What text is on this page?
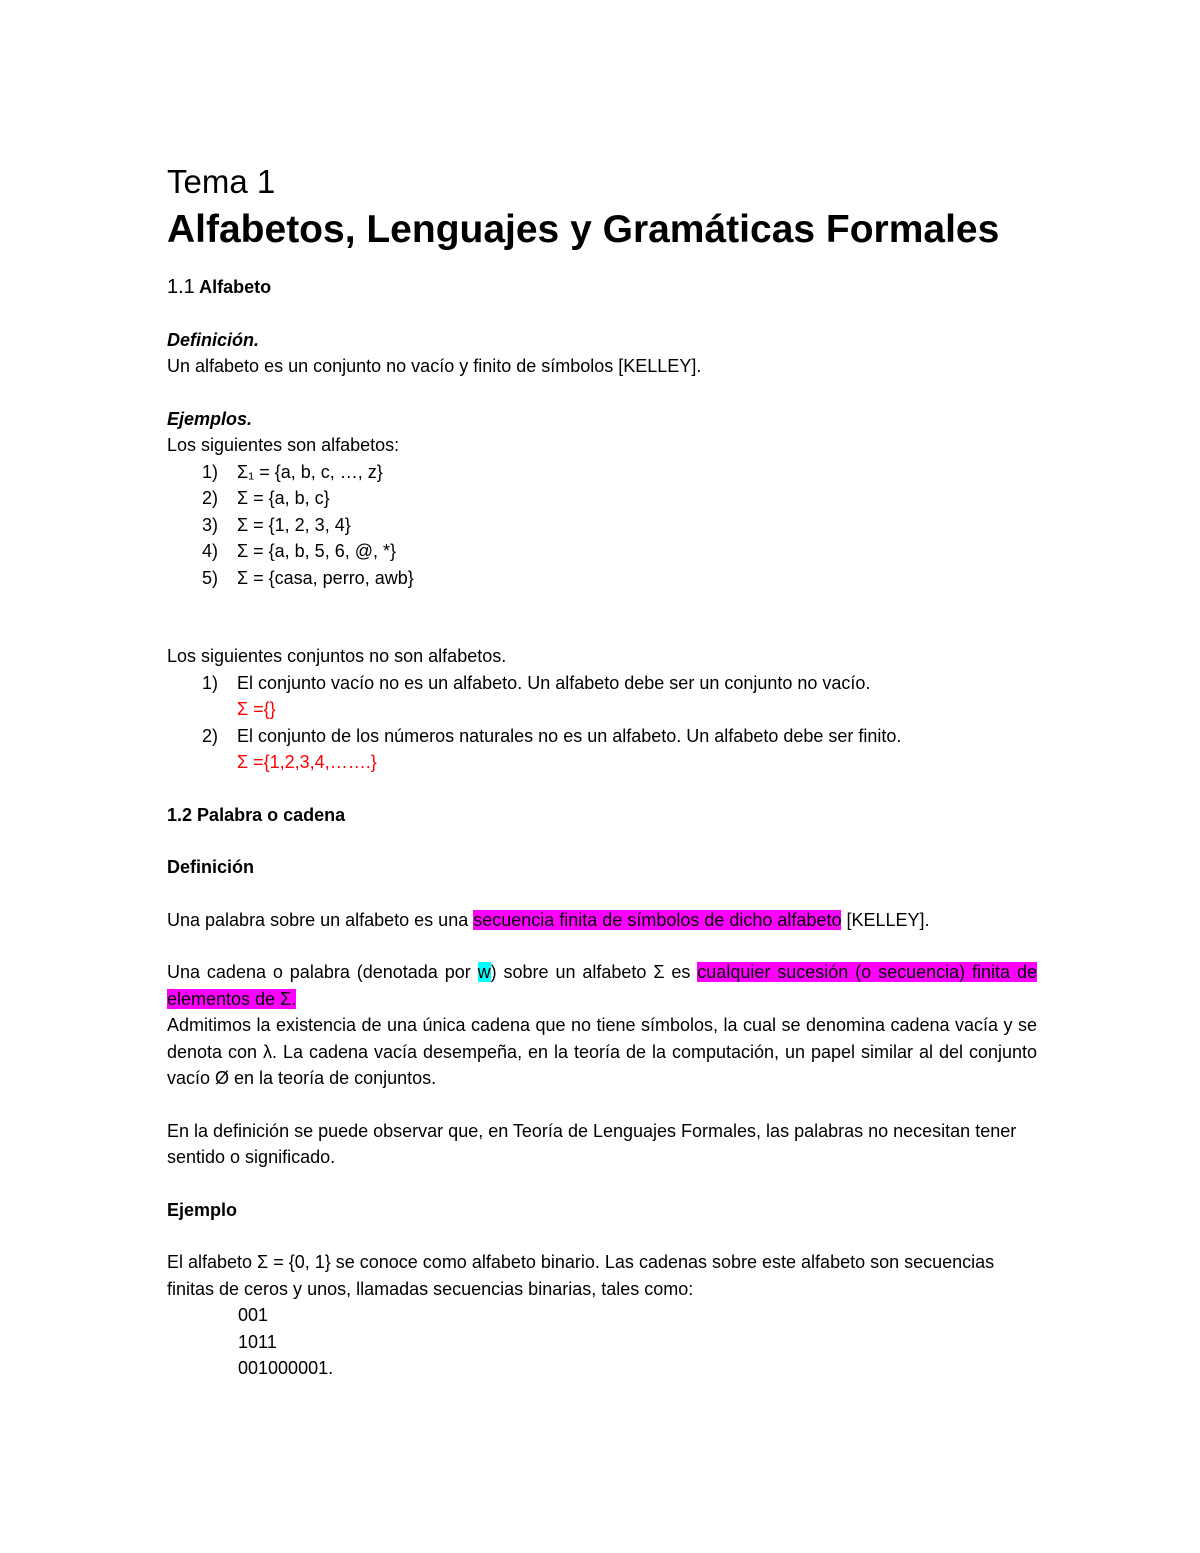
Tema 1
Alfabetos, Lenguajes y Gramáticas Formales
1.1 Alfabeto
Definición.
Un alfabeto es un conjunto no vacío y finito de símbolos [KELLEY].
Ejemplos.
Los siguientes son alfabetos:
1) Σ₁ = {a, b, c, …, z}
2) Σ = {a, b, c}
3) Σ = {1, 2, 3, 4}
4) Σ = {a, b, 5, 6, @, *}
5) Σ = {casa, perro, awb}
Los siguientes conjuntos no son alfabetos.
1) El conjunto vacío no es un alfabeto. Un alfabeto debe ser un conjunto no vacío.
Σ ={}
2) El conjunto de los números naturales no es un alfabeto. Un alfabeto debe ser finito.
Σ ={1,2,3,4,…….}
1.2 Palabra o cadena
Definición
Una palabra sobre un alfabeto es una secuencia finita de símbolos de dicho alfabeto [KELLEY].
Una cadena o palabra (denotada por w) sobre un alfabeto Σ es cualquier sucesión (o secuencia) finita de elementos de Σ.
Admitimos la existencia de una única cadena que no tiene símbolos, la cual se denomina cadena vacía y se denota con λ. La cadena vacía desempeña, en la teoría de la computación, un papel similar al del conjunto vacío Ø en la teoría de conjuntos.
En la definición se puede observar que, en Teoría de Lenguajes Formales, las palabras no necesitan tener sentido o significado.
Ejemplo
El alfabeto Σ = {0, 1} se conoce como alfabeto binario. Las cadenas sobre este alfabeto son secuencias finitas de ceros y unos, llamadas secuencias binarias, tales como:
001
1011
001000001.
